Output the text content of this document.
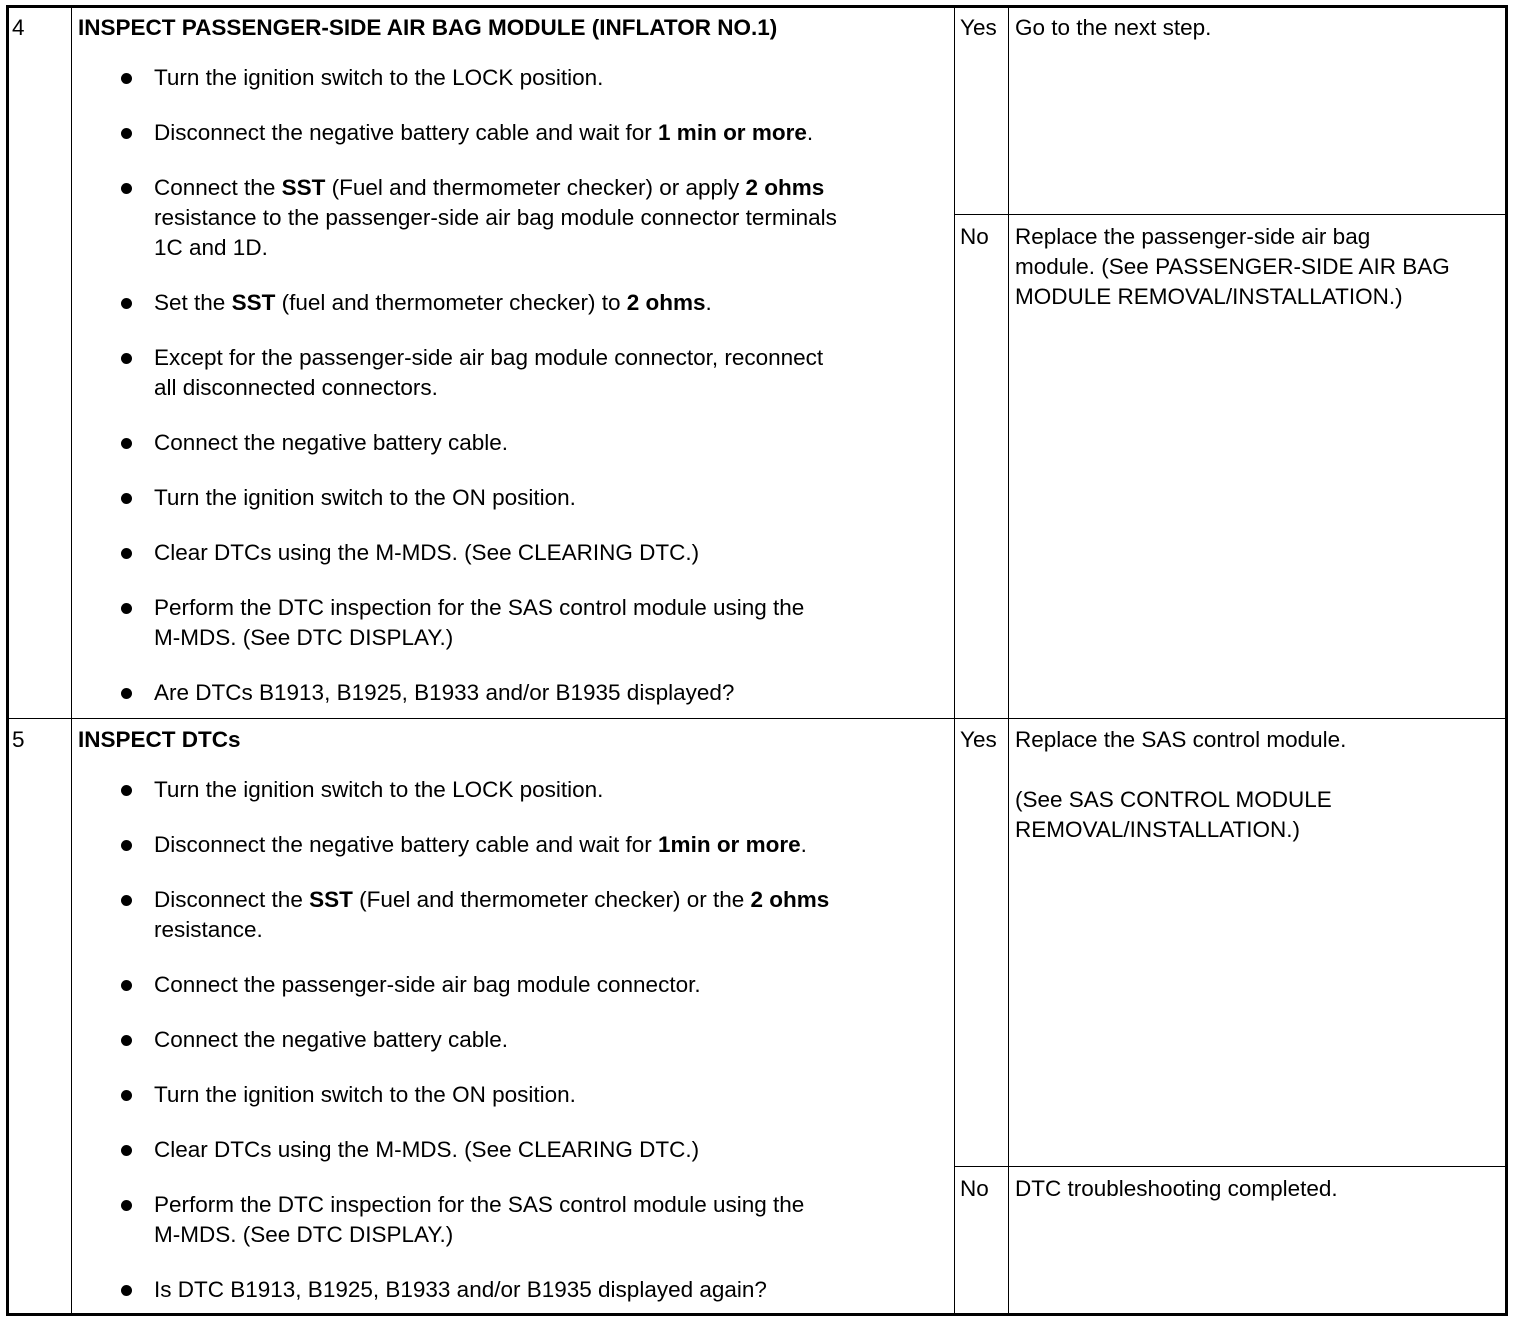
4 INSPECT PASSENGER-SIDE AIR BAG MODULE (INFLATOR NO.1)
Turn the ignition switch to the LOCK position.
Disconnect the negative battery cable and wait for 1 min or more.
Connect the SST (Fuel and thermometer checker) or apply 2 ohms
resistance to the passenger-side air bag module connector terminals
1C and 1D.
Set the SST (fuel and thermometer checker) to 2 ohms.
Except for the passenger-side air bag module connector, reconnect
all disconnected connectors.
Connect the negative battery cable.
Turn the ignition switch to the ON position.
Clear DTCs using the M-MDS. (See CLEARING DTC.)
Perform the DTC inspection for the SAS control module using the
M-MDS. (See DTC DISPLAY.)
Are DTCs B1913, B1925, B1933 and/or B1935 displayed?
Yes Go to the next step.
No Replace the passenger-side air bag
module. (See PASSENGER-SIDE AIR BAG
MODULE REMOVAL/INSTALLATION.)
5 INSPECT DTCs
Turn the ignition switch to the LOCK position.
Disconnect the negative battery cable and wait for 1min or more.
Disconnect the SST (Fuel and thermometer checker) or the 2 ohms
resistance.
Connect the passenger-side air bag module connector.
Connect the negative battery cable.
Turn the ignition switch to the ON position.
Clear DTCs using the M-MDS. (See CLEARING DTC.)
Perform the DTC inspection for the SAS control module using the
M-MDS. (See DTC DISPLAY.)
Is DTC B1913, B1925, B1933 and/or B1935 displayed again?
Yes Replace the SAS control module.

(See SAS CONTROL MODULE
REMOVAL/INSTALLATION.)
No DTC troubleshooting completed.
